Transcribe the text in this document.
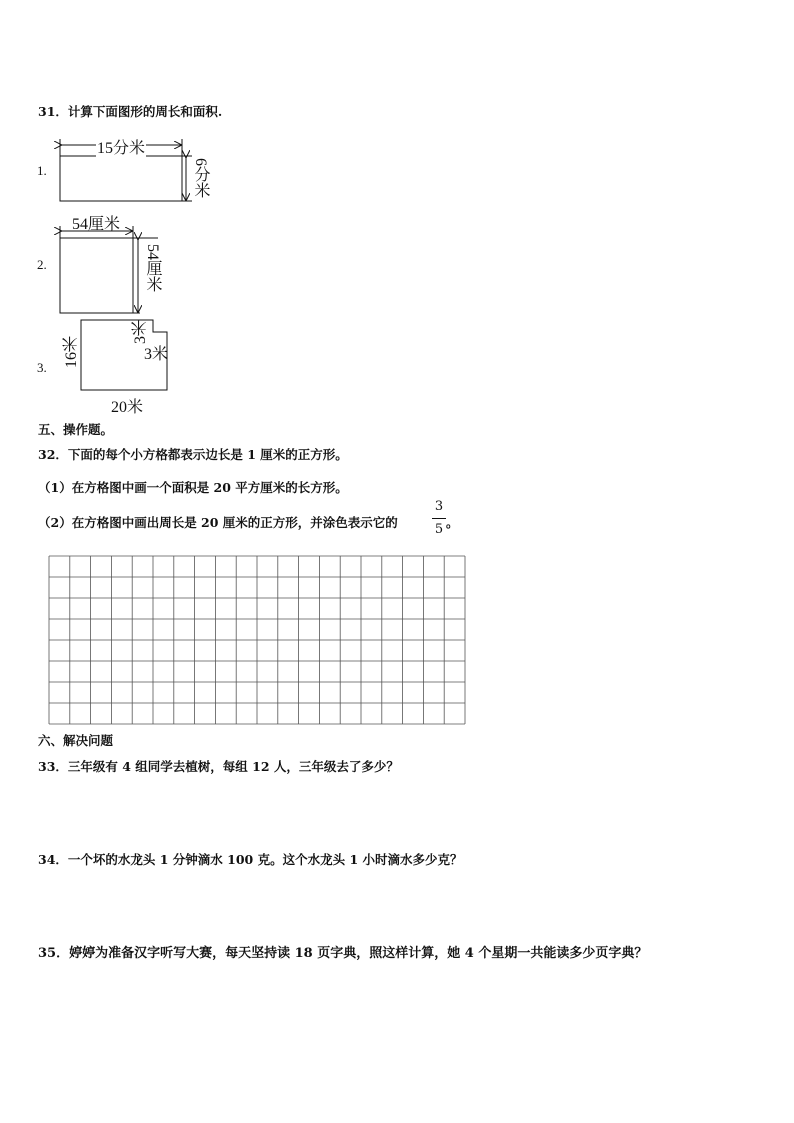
31．计算下面图形的周长和面积.
1.
15分米
6分米
2.
54厘米
54厘米
3. 16米
3米
3米
20米
五、操作题。
32．下面的每个小方格都表示边长是 1 厘米的正方形。
（1）在方格图中画一个面积是 20 平方厘米的长方形。
（2）在方格图中画出周长是 20 厘米的正方形，并涂色表示它的
3
5 。
六、解决问题
33．三年级有 4 组同学去植树，每组 12 人，三年级去了多少？
34．一个坏的水龙头 1 分钟滴水 100 克。这个水龙头 1 小时滴水多少克？
35．婷婷为准备汉字听写大赛，每天坚持读 18 页字典，照这样计算，她 4 个星期一共能读多少页字典？
